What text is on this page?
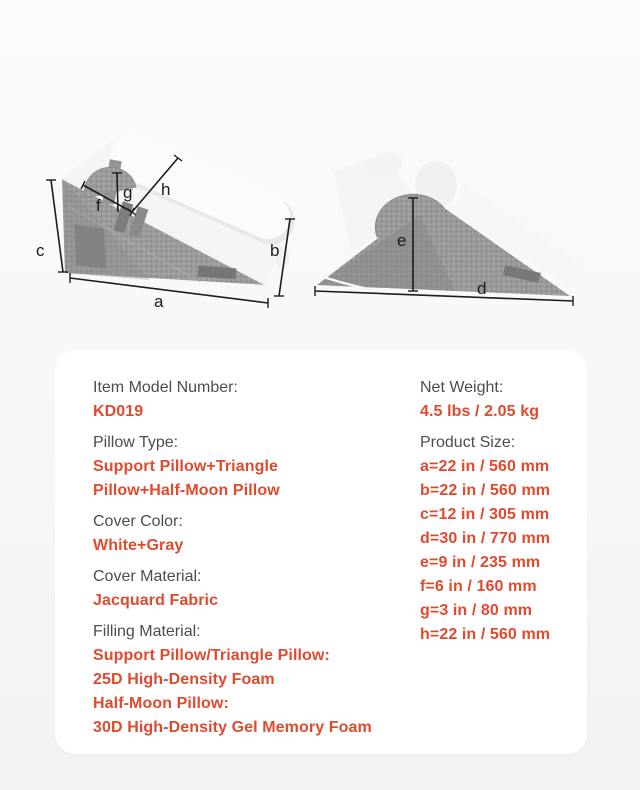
c
a
b
h
g
f
e
d
Item Model Number:
KD019
Pillow Type:
Support Pillow+Triangle
Pillow+Half-Moon Pillow
Cover Color:
White+Gray
Cover Material:
Jacquard Fabric
Filling Material:
Support Pillow/Triangle Pillow:
25D High-Density Foam
Half-Moon Pillow:
30D High-Density Gel Memory Foam
Net Weight:
4.5 lbs / 2.05 kg
Product Size:
a=22 in / 560 mm
b=22 in / 560 mm
c=12 in / 305 mm
d=30 in / 770 mm
e=9 in / 235 mm
f=6 in / 160 mm
g=3 in / 80 mm
h=22 in / 560 mm
